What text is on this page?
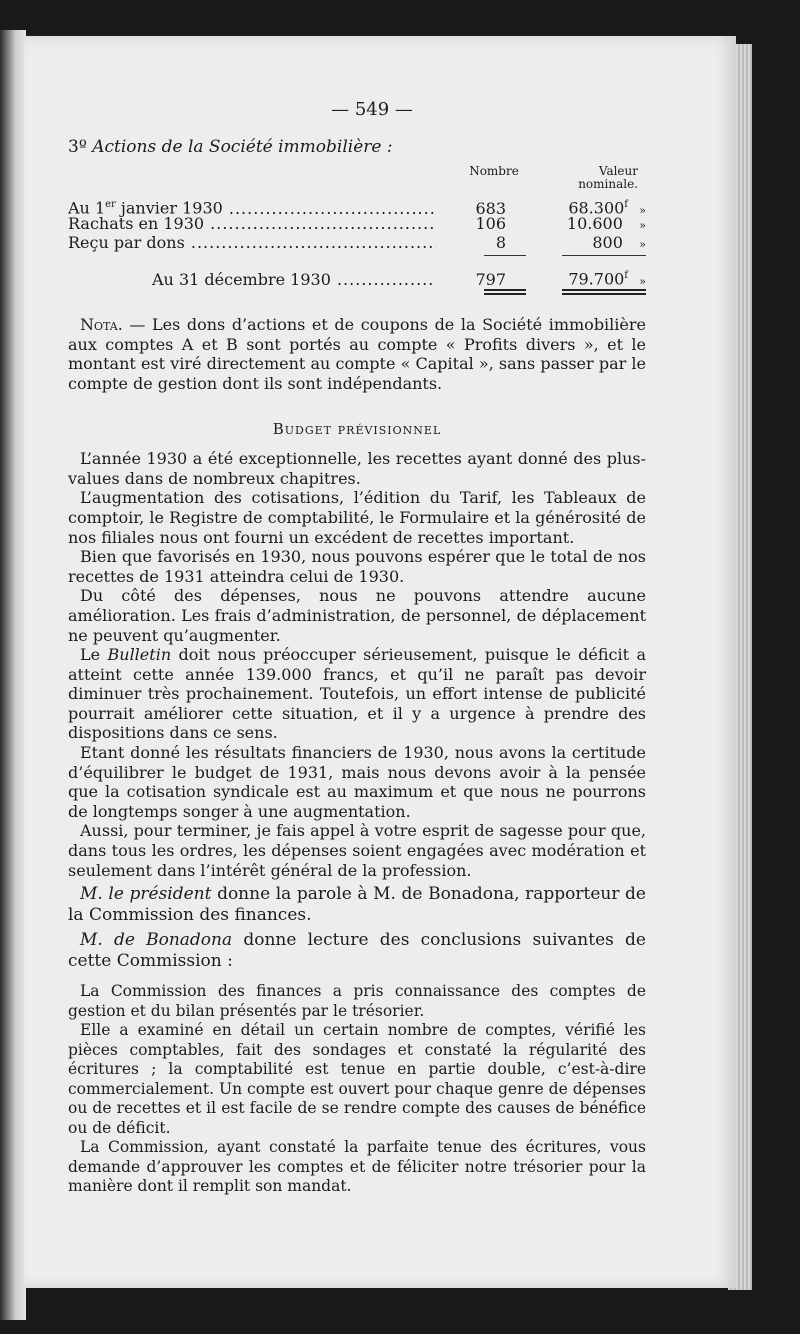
— 549 —
3º Actions de la Société immobilière :
Nombre	Valeur
nominale.
Au 1er janvier 1930 .....	683	68.300$^f$	»
Rachats en 1930 .....	106	10.600	»
Reçu par dons .....	8	800	»
Au 31 décembre 1930 .....	797	79.700$^f$	»

Nota. — Les dons d’actions et de coupons de la Société immobilière aux comptes A et B sont portés au compte « Profits divers », et le montant est viré directement au compte « Capital », sans passer par le compte de gestion dont ils sont indépendants.

Budget prévisionnel

L’année 1930 a été exceptionnelle, les recettes ayant donné des plus-values dans de nombreux chapitres.

L’augmentation des cotisations, l’édition du Tarif, les Tableaux de comptoir, le Registre de comptabilité, le Formulaire et la générosité de nos filiales nous ont fourni un excédent de recettes important.

Bien que favorisés en 1930, nous pouvons espérer que le total de nos recettes de 1931 atteindra celui de 1930.

Du côté des dépenses, nous ne pouvons attendre aucune amélioration. Les frais d’administration, de personnel, de déplacement ne peuvent qu’augmenter.

Le Bulletin doit nous préoccuper sérieusement, puisque le déficit a atteint cette année 139.000 francs, et qu’il ne paraît pas devoir diminuer très prochainement. Toutefois, un effort intense de publicité pourrait améliorer cette situation, et il y a urgence à prendre des dispositions dans ce sens.

Etant donné les résultats financiers de 1930, nous avons la certitude d’équilibrer le budget de 1931, mais nous devons avoir à la pensée que la cotisation syndicale est au maximum et que nous ne pourrons de longtemps songer à une augmentation.

Aussi, pour terminer, je fais appel à votre esprit de sagesse pour que, dans tous les ordres, les dépenses soient engagées avec modération et seulement dans l’intérêt général de la profession.

M. le président donne la parole à M. de Bonadona, rapporteur de la Commission des finances.

M. de Bonadona donne lecture des conclusions suivantes de cette Commission :

La Commission des finances a pris connaissance des comptes de gestion et du bilan présentés par le trésorier.

Elle a examiné en détail un certain nombre de comptes, vérifié les pièces comptables, fait des sondages et constaté la régularité des écritures ; la comptabilité est tenue en partie double, c’est-à-dire commercialement. Un compte est ouvert pour chaque genre de dépenses ou de recettes et il est facile de se rendre compte des causes de bénéfice ou de déficit.

La Commission, ayant constaté la parfaite tenue des écritures, vous demande d’approuver les comptes et de féliciter notre trésorier pour la manière dont il remplit son mandat.
